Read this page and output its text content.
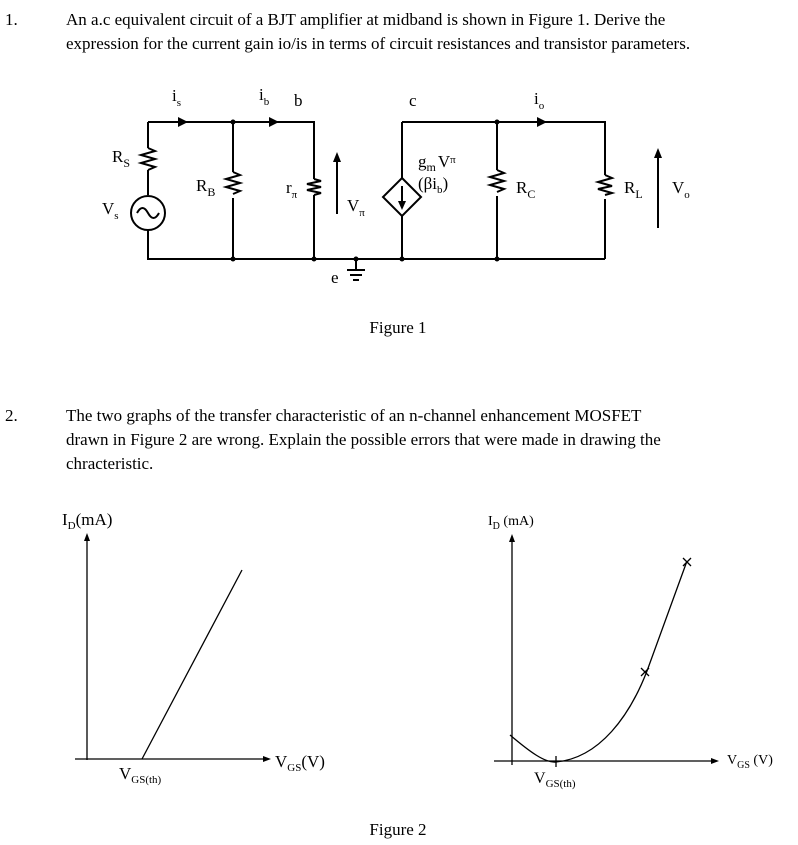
1.	An a.c equivalent circuit of a BJT amplifier at midband is shown in Figure 1. Derive the
expression for the current gain io/is in terms of circuit resistances and transistor parameters.
$i_s$	$i_b$ b	c	$i_o$
$R_S$
$V_s$
$R_B$	$r_\pi$
$V_\pi$
$g_m$ $V^\pi$
$(\beta i_b)$	$R_C$	$R_L$ $V_o$
e
Figure 1
2.	The two graphs of the transfer characteristic of an n-channel enhancement MOSFET
drawn in Figure 2 are wrong. Explain the possible errors that were made in drawing the
chracteristic.
$I_D(mA)$
$V_{GS}(V)$
$V_{GS(th)}$
$I_D$ (mA)
$V_{GS}$ (V)
$V_{GS(th)}$
Figure 2
